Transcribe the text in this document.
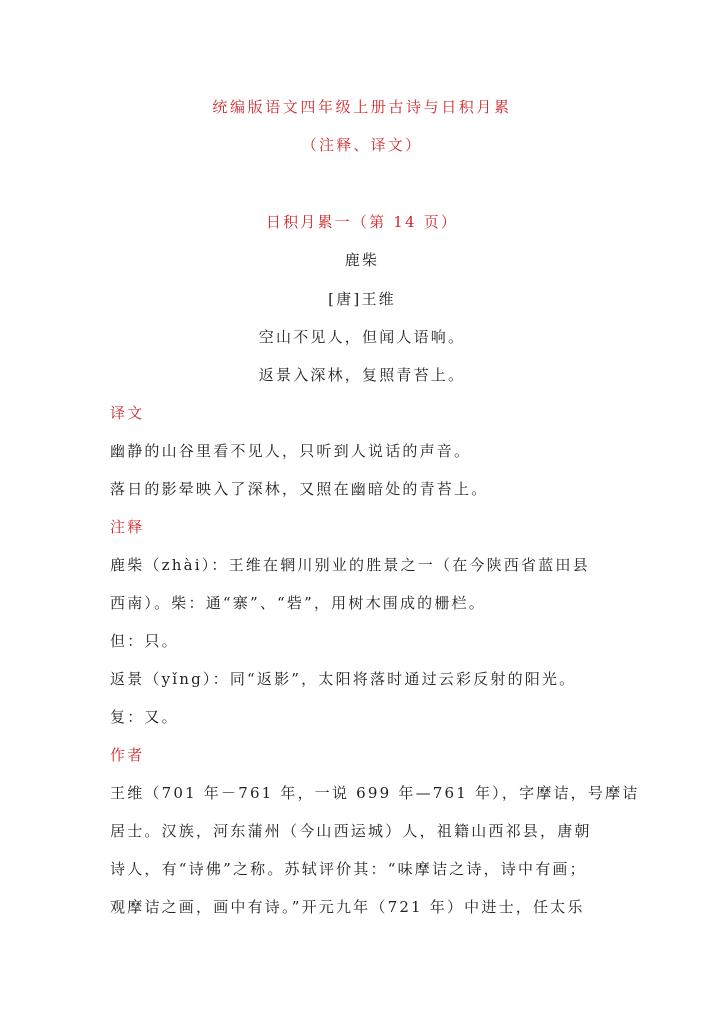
统编版语文四年级上册古诗与日积月累
（注释、译文）
日积月累一（第 14 页）
鹿柴
[唐]王维
空山不见人，但闻人语响。
返景入深林，复照青苔上。
译文
幽静的山谷里看不见人，只听到人说话的声音。
落日的影晕映入了深林，又照在幽暗处的青苔上。
注释
鹿柴（zhài）：王维在辋川别业的胜景之一（在今陕西省蓝田县
西南）。柴：通“寨”、“砦”，用树木围成的栅栏。
但：只。
返景（yǐng）：同“返影”，太阳将落时通过云彩反射的阳光。
复：又。
作者
王维（701 年－761 年，一说 699 年—761 年），字摩诘，号摩诘
居士。汉族，河东蒲州（今山西运城）人，祖籍山西祁县，唐朝
诗人，有“诗佛”之称。苏轼评价其：“味摩诘之诗，诗中有画；
观摩诘之画，画中有诗。”开元九年（721 年）中进士，任太乐
